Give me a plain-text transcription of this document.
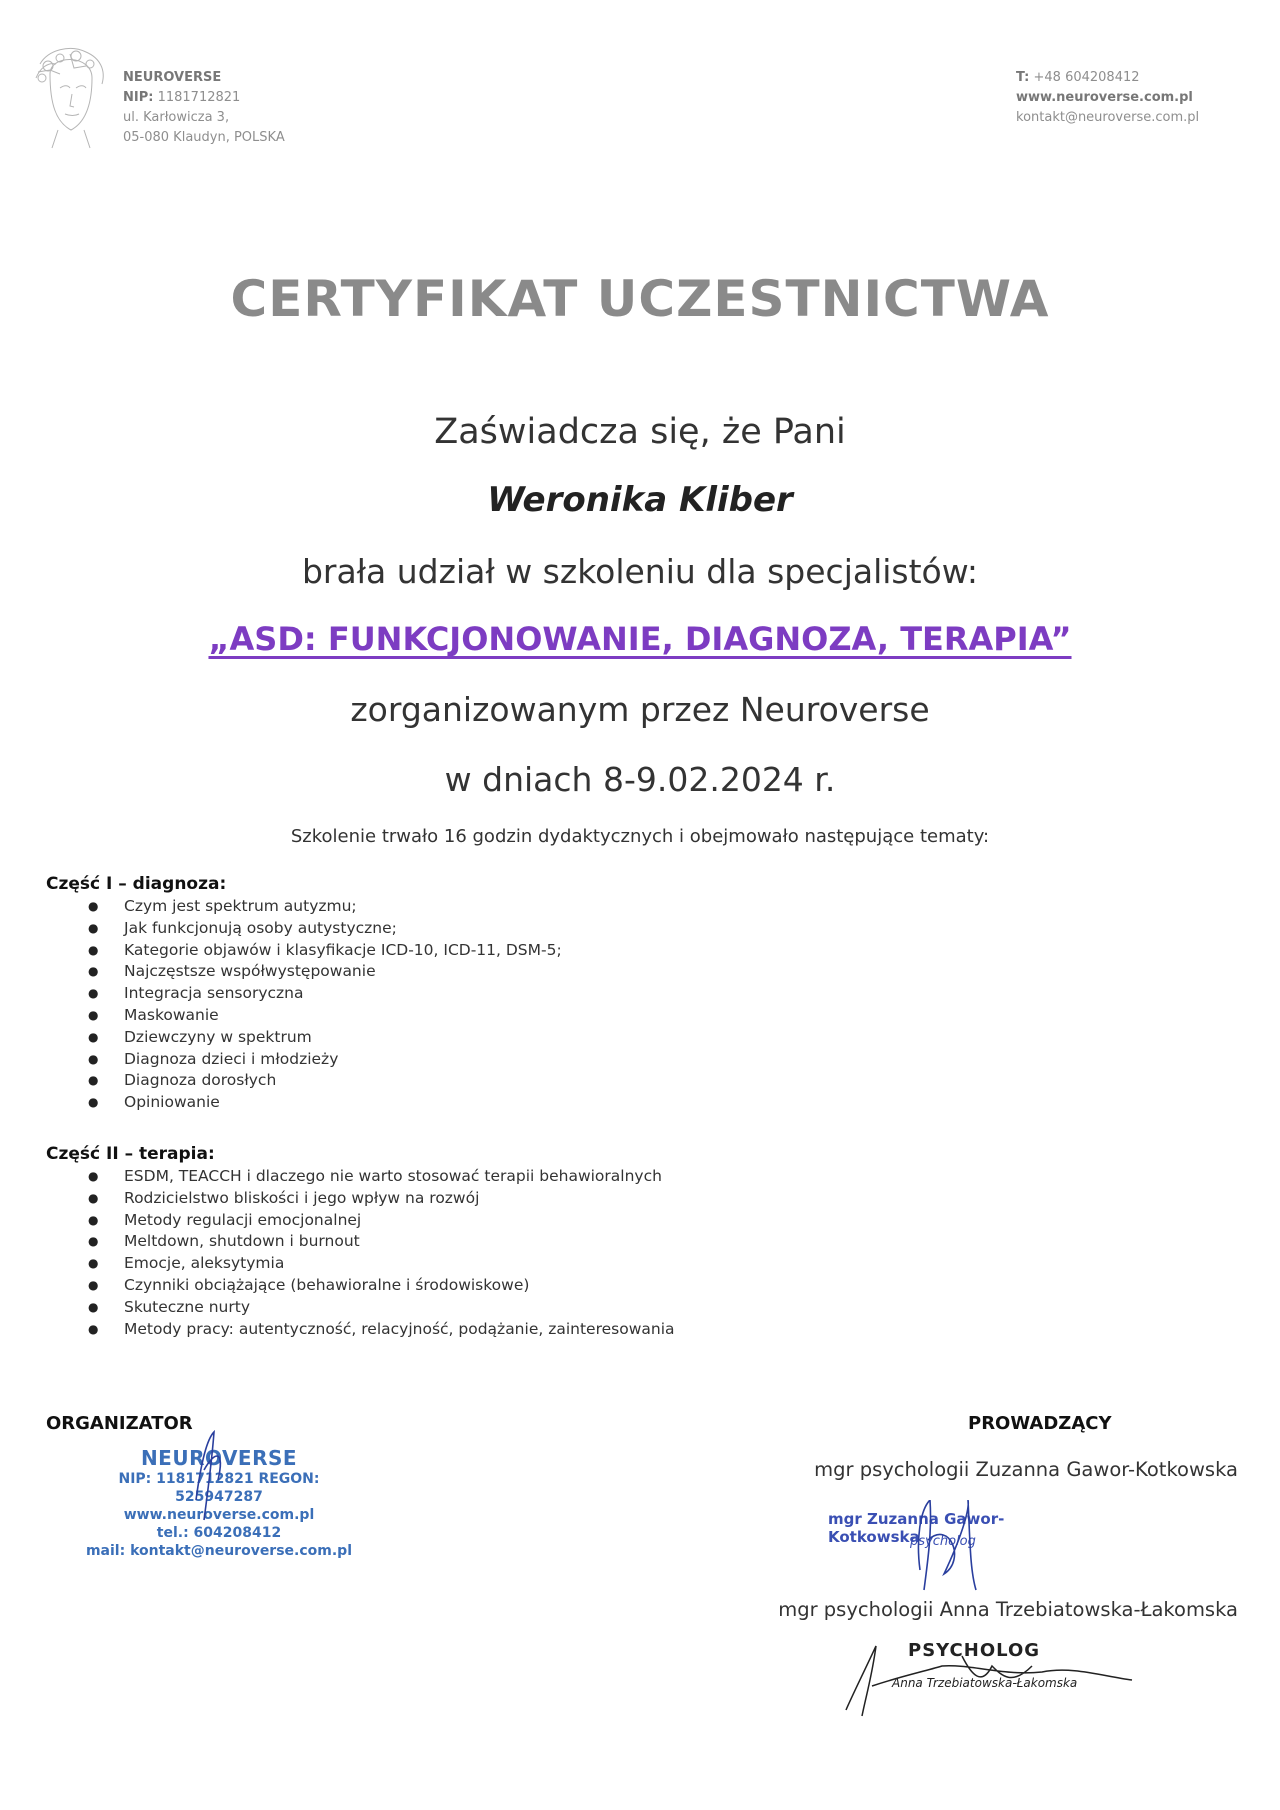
NEUROVERSE
NIP: 1181712821
ul. Karłowicza 3,
05-080 Klaudyn, POLSKA
T: +48 604208412
www.neuroverse.com.pl
kontakt@neuroverse.com.pl
CERTYFIKAT UCZESTNICTWA
Zaświadcza się, że Pani
Weronika Kliber
brała udział w szkoleniu dla specjalistów:
„ASD: FUNKCJONOWANIE, DIAGNOZA, TERAPIA”
zorganizowanym przez Neuroverse
w dniach 8-9.02.2024 r.
Szkolenie trwało 16 godzin dydaktycznych i obejmowało następujące tematy:
Część I – diagnoza:
● Czym jest spektrum autyzmu;
● Jak funkcjonują osoby autystyczne;
● Kategorie objawów i klasyfikacje ICD-10, ICD-11, DSM-5;
● Najczęstsze współwystępowanie
● Integracja sensoryczna
● Maskowanie
● Dziewczyny w spektrum
● Diagnoza dzieci i młodzieży
● Diagnoza dorosłych
● Opiniowanie
Część II – terapia:
● ESDM, TEACCH i dlaczego nie warto stosować terapii behawioralnych
● Rodzicielstwo bliskości i jego wpływ na rozwój
● Metody regulacji emocjonalnej
● Meltdown, shutdown i burnout
● Emocje, aleksytymia
● Czynniki obciążające (behawioralne i środowiskowe)
● Skuteczne nurty
● Metody pracy: autentyczność, relacyjność, podążanie, zainteresowania
ORGANIZATOR	PROWADZĄCY
NEUROVERSE
NIP: 1181712821 REGON: 525947287
www.neuroverse.com.pl
tel.: 604208412
mail: kontakt@neuroverse.com.pl
mgr psychologii Zuzanna Gawor-Kotkowska
mgr Zuzanna Gawor-Kotkowska
psycholog
mgr psychologii Anna Trzebiatowska-Łakomska
PSYCHOLOG
Anna Trzebiatowska-Łakomska
